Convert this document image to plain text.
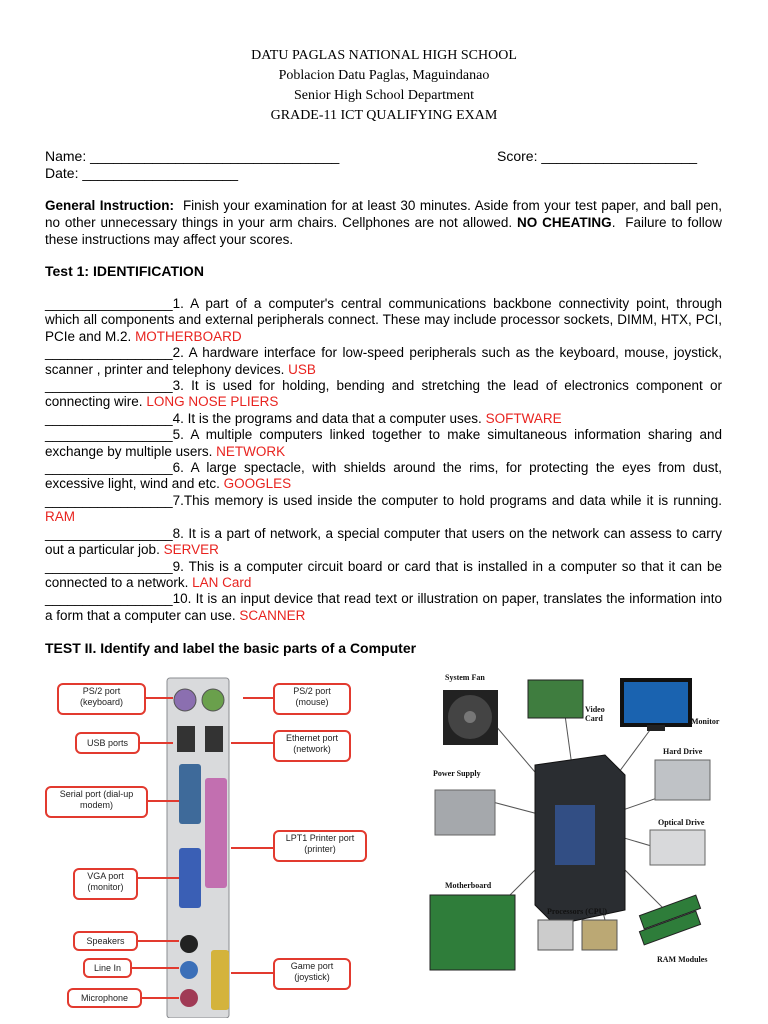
DATU PAGLAS NATIONAL HIGH SCHOOL
Poblacion Datu Paglas, Maguindanao
Senior High School Department
GRADE-11 ICT QUALIFYING EXAM
Name: ________________________________	Score: ____________________
Date: ____________________
General Instruction: Finish your examination for at least 30 minutes. Aside from your test paper, and ball pen, no other unnecessary things in your arm chairs. Cellphones are not allowed. NO CHEATING.  Failure to follow these instructions may affect your scores.
Test 1: IDENTIFICATION

_________________1. A part of a computer's central communications backbone connectivity point, through which all components and external peripherals connect. These may include processor sockets, DIMM, HTX, PCI, PCIe and M.2. MOTHERBOARD

_________________2. A hardware interface for low-speed peripherals such as the keyboard, mouse, joystick, scanner , printer and telephony devices. USB

_________________3. It is used for holding, bending and stretching the lead of electronics component or connecting wire. LONG NOSE PLIERS

_________________4. It is the programs and data that a computer uses. SOFTWARE

_________________5. A multiple computers linked together to make simultaneous information sharing and exchange by multiple users. NETWORK

_________________6. A large spectacle, with shields around the rims, for protecting the eyes from dust, excessive light, wind and etc. GOOGLES

_________________7.This memory is used inside the computer to hold programs and data while it is running. RAM

_________________8. It is a part of network, a special computer that users on the network can assess to carry out a particular job. SERVER

_________________9. This is a computer circuit board or card that is installed in a computer so that it can be connected to a network. LAN Card

_________________10. It is an input device that read text or illustration on paper, translates the information into a form that a computer can use. SCANNER

TEST II. Identify and label the basic parts of a Computer
PS/2 port (keyboard)
PS/2 port (mouse)
USB ports	Ethernet port (network)
Serial port (dial-up modem)
LPT1 Printer port (printer)
VGA port (monitor)
Speakers
Line In
Microphone
Game port (joystick)
System Fan
Video Card	Monitor
Hard Drive
Power Supply
Optical Drive
Motherboard
Processors (CPU)
RAM Modules
